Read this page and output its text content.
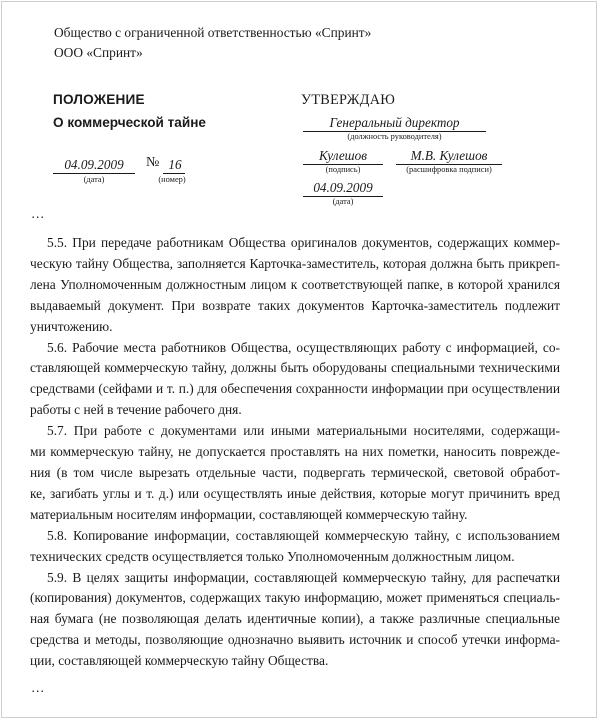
Общество с ограниченной ответственностью «Спринт»
ООО «Спринт»
ПОЛОЖЕНИЕ
О коммерческой тайне
04.09.2009
(дата)
№ 16
(номер)
УТВЕРЖДАЮ
Генеральный директор
(должность руководителя)
Кулешов
(подпись)
М.В. Кулешов
(расшифровка подписи)
04.09.2009
(дата)
…

5.5. При передаче работникам Общества оригиналов документов, содержащих коммер-
ческую тайну Общества, заполняется Карточка-заместитель, которая должна быть прикреп-
лена Уполномоченным должностным лицом к соответствующей папке, в которой хранился
выдаваемый документ. При возврате таких документов Карточка-заместитель подлежит
уничтожению.

5.6. Рабочие места работников Общества, осуществляющих работу с информацией, со-
ставляющей коммерческую тайну, должны быть оборудованы специальными техническими
средствами (сейфами и т. п.) для обеспечения сохранности информации при осуществлении
работы с ней в течение рабочего дня.

5.7. При работе с документами или иными материальными носителями, содержащи-
ми коммерческую тайну, не допускается проставлять на них пометки, наносить поврежде-
ния (в том числе вырезать отдельные части, подвергать термической, световой обработ-
ке, загибать углы и т. д.) или осуществлять иные действия, которые могут причинить вред
материальным носителям информации, составляющей коммерческую тайну.

5.8. Копирование информации, составляющей коммерческую тайну, с использованием
технических средств осуществляется только Уполномоченным должностным лицом.

5.9. В целях защиты информации, составляющей коммерческую тайну, для распечатки
(копирования) документов, содержащих такую информацию, может применяться специаль-
ная бумага (не позволяющая делать идентичные копии), а также различные специальные
средства и методы, позволяющие однозначно выявить источник и способ утечки информа-
ции, составляющей коммерческую тайну Общества.

…
